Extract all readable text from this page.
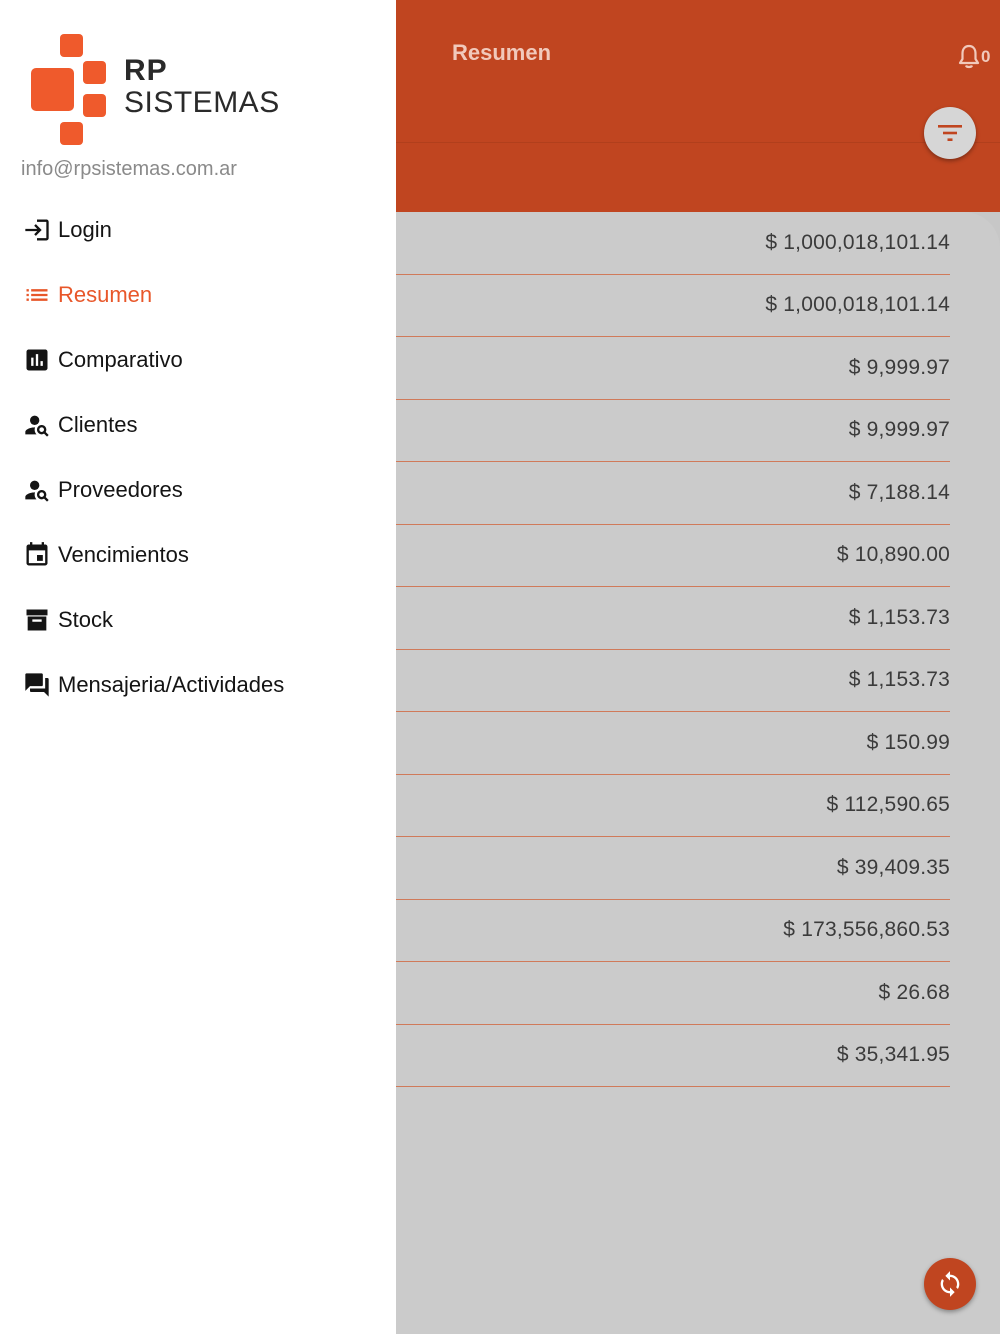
Resumen	0
$ 1,000,018,101.14
$ 1,000,018,101.14
$ 9,999.97
$ 9,999.97
$ 7,188.14
$ 10,890.00
$ 1,153.73
$ 1,153.73
$ 150.99
$ 112,590.65
$ 39,409.35
$ 173,556,860.53
$ 26.68
$ 35,341.95
RP
SISTEMAS
info@rpsistemas.com.ar
Login
Resumen
Comparativo
Clientes
Proveedores
Vencimientos
Stock
Mensajeria/Actividades
